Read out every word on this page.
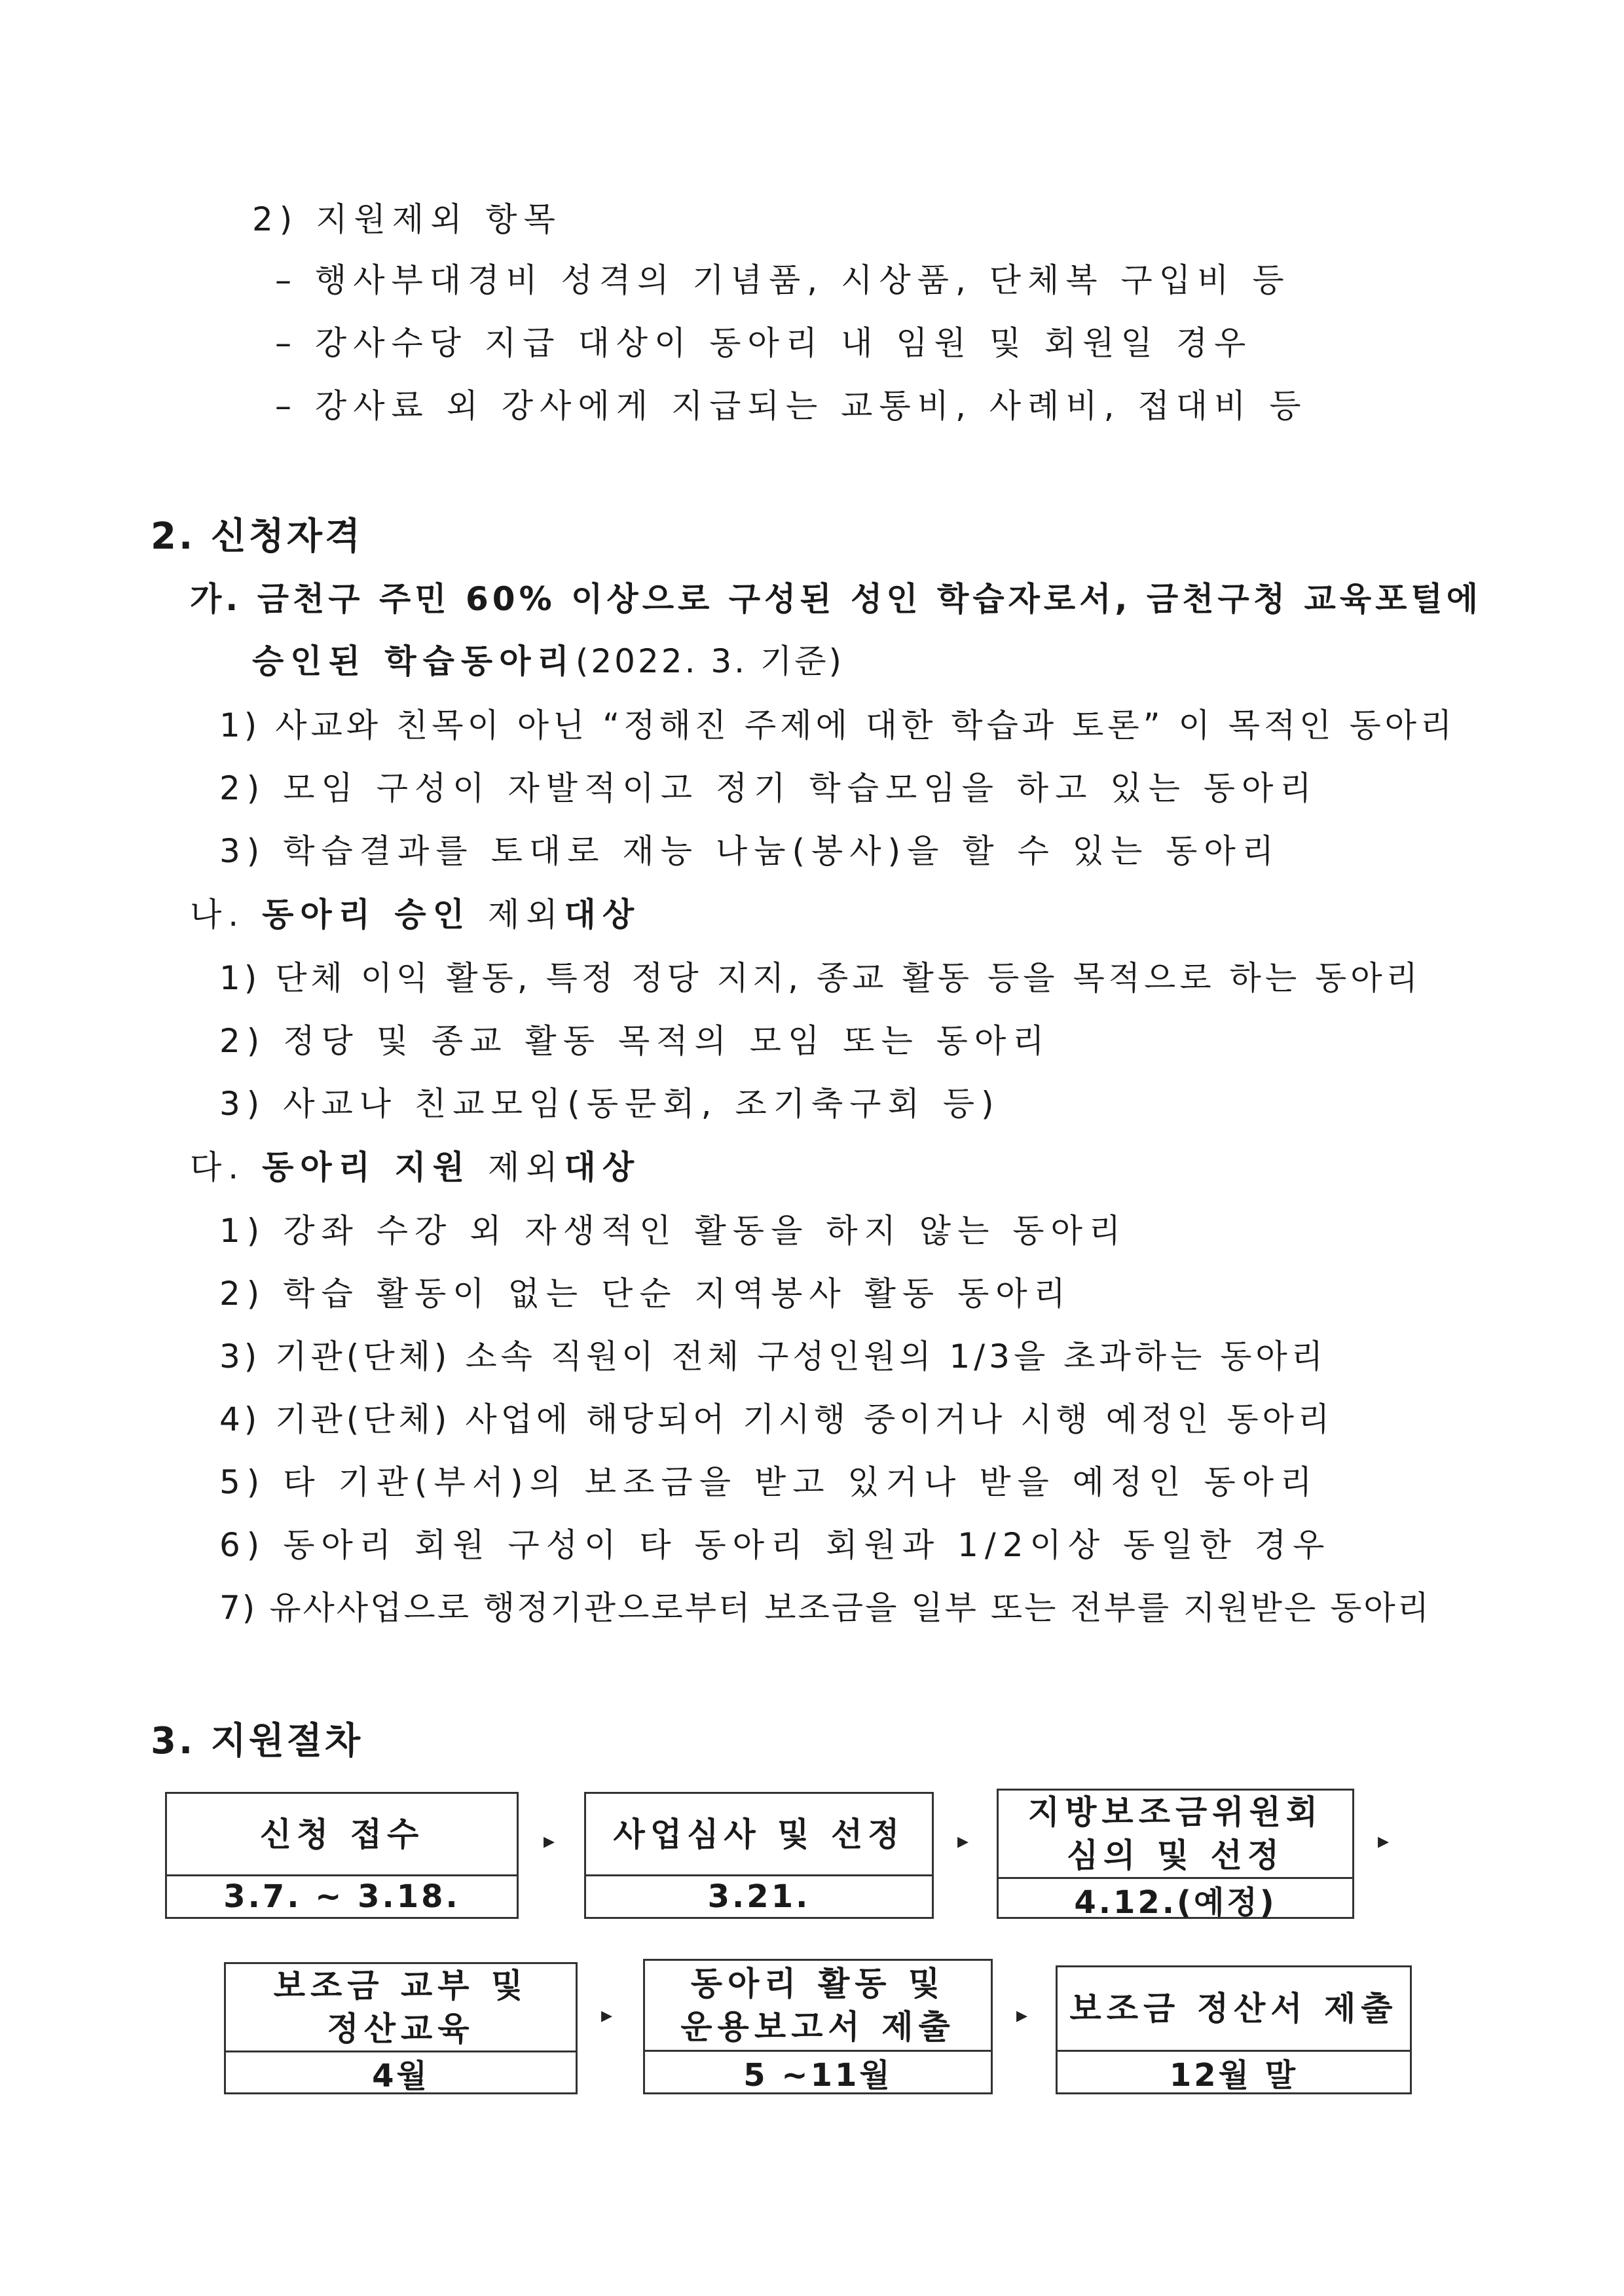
2) 지원제외 항목
– 행사부대경비 성격의 기념품, 시상품, 단체복 구입비 등
– 강사수당 지급 대상이 동아리 내 임원 및 회원일 경우
– 강사료 외 강사에게 지급되는 교통비, 사례비, 접대비 등
2. 신청자격
가. 금천구 주민 60% 이상으로 구성된 성인 학습자로서, 금천구청 교육포털에
승인된 학습동아리(2022. 3. 기준)
1) 사교와 친목이 아닌 “정해진 주제에 대한 학습과 토론” 이 목적인 동아리
2) 모임 구성이 자발적이고 정기 학습모임을 하고 있는 동아리
3) 학습결과를 토대로 재능 나눔(봉사)을 할 수 있는 동아리
나. 동아리 승인 제외대상
1) 단체 이익 활동, 특정 정당 지지, 종교 활동 등을 목적으로 하는 동아리
2) 정당 및 종교 활동 목적의 모임 또는 동아리
3) 사교나 친교모임(동문회, 조기축구회 등)
다. 동아리 지원 제외대상
1) 강좌 수강 외 자생적인 활동을 하지 않는 동아리
2) 학습 활동이 없는 단순 지역봉사 활동 동아리
3) 기관(단체) 소속 직원이 전체 구성인원의 1/3을 초과하는 동아리
4) 기관(단체) 사업에 해당되어 기시행 중이거나 시행 예정인 동아리
5) 타 기관(부서)의 보조금을 받고 있거나 받을 예정인 동아리
6) 동아리 회원 구성이 타 동아리 회원과 1/2이상 동일한 경우
7) 유사사업으로 행정기관으로부터 보조금을 일부 또는 전부를 지원받은 동아리
3. 지원절차
신청 접수
3.7. ~ 3.18.
▸ 사업심사 및 선정
3.21.
▸
지방보조금위원회
심의 및 선정
4.12.(예정)
▸
보조금 교부 및
정산교육
4월
▸
동아리 활동 및
운용보고서 제출
5 ~11월
▸ 보조금 정산서 제출
12월 말
